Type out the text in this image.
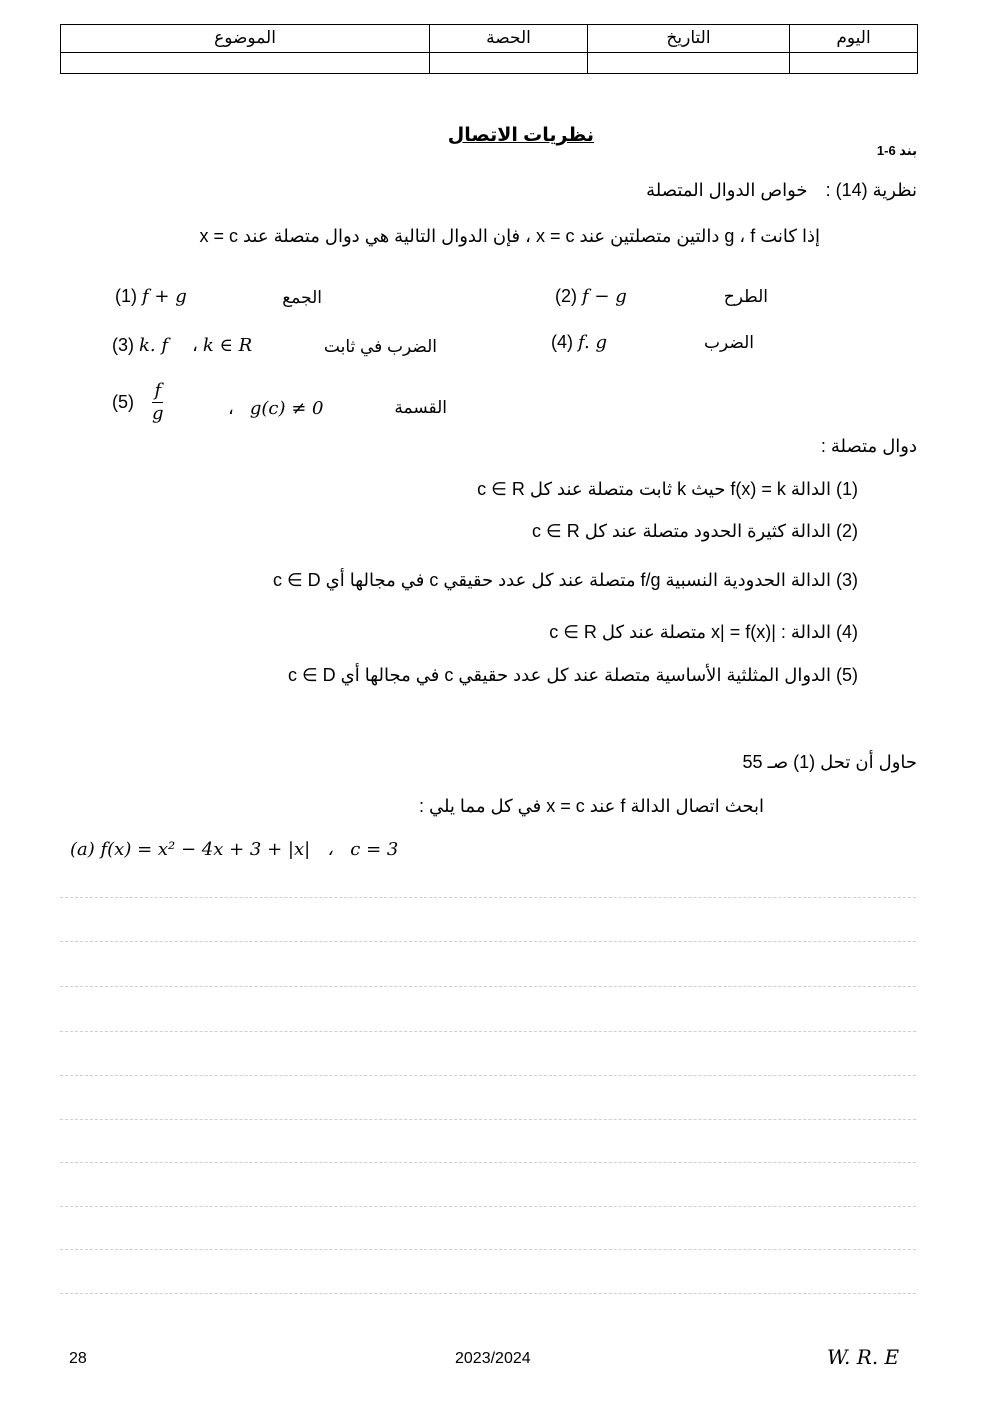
اليوم	التاريخ	الحصة	الموضوع

نظريات الاتصال
بند 6-1
نظرية (14) :  خواص الدوال المتصلة
إذا كانت g ، f دالتين متصلتين عند x = c ، فإن الدوال التالية هي دوال متصلة عند x = c
(1) f + g	الجمع	(2) f − g	الطرح
(3) k. f ، k ∈ R	الضرب في ثابت	(4) f. g	الضرب
$(5) \frac{f}{g}$	، g(c) ≠ 0	القسمة
دوال متصلة :
(1) الدالة f(x) = k حيث k ثابت متصلة عند كل c ∈ R
(2) الدالة كثيرة الحدود متصلة عند كل c ∈ R
(3) الدالة الحدودية النسبية f/g متصلة عند كل عدد حقيقي c في مجالها أي c ∈ D
(4) الدالة : |x| = f(x) متصلة عند كل c ∈ R
(5) الدوال المثلثية الأساسية متصلة عند كل عدد حقيقي c في مجالها أي c ∈ D
حاول أن تحل (1) صـ 55
ابحث اتصال الدالة f عند x = c في كل مما يلي :
(a) f(x) = x² − 4x + 3 + |x|   ،   c = 3
28	2023/2024	W. R. E
